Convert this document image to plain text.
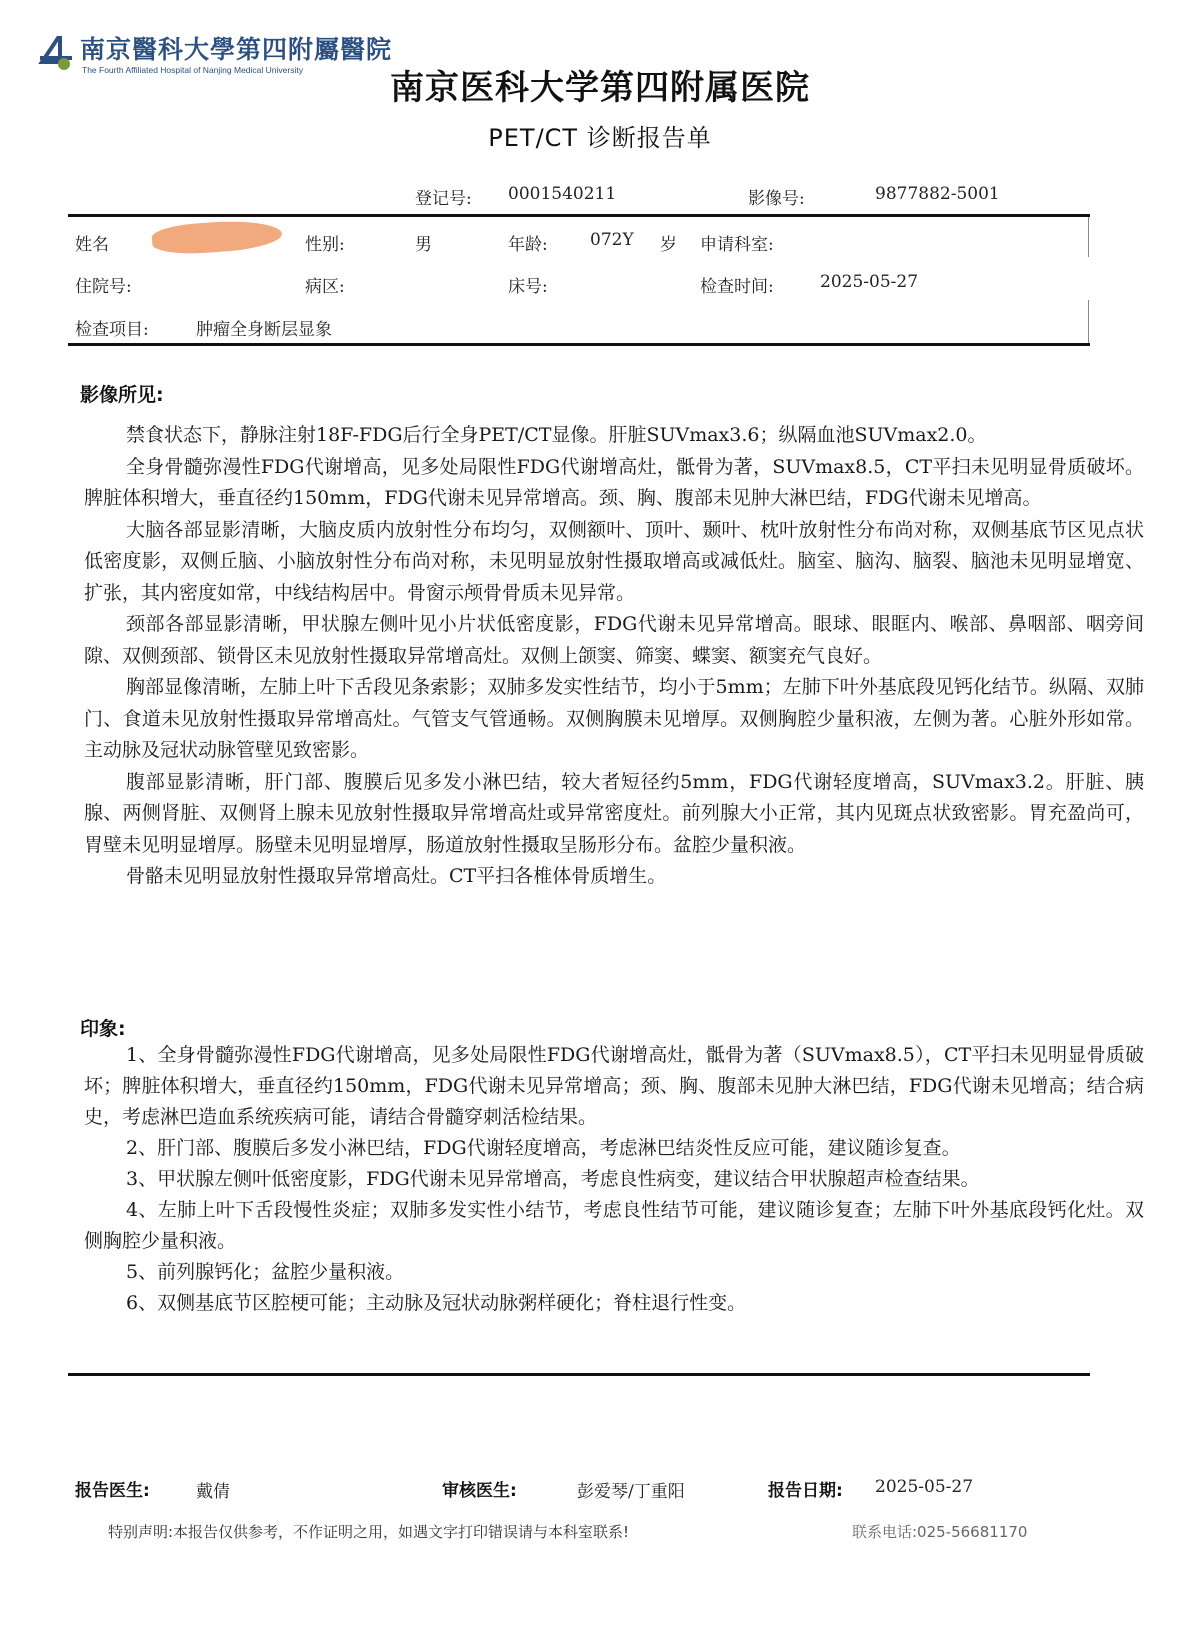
南京醫科大學第四附屬醫院
The Fourth Affiliated Hospital of Nanjing Medical University	南京医科大学第四附属医院
PET/CT 诊断报告单
登记号: 0001540211	影像号:	9877882-5001
姓名	性别:	男	年龄: 072Y 岁 申请科室:
住院号:	病区:	床号:	检查时间:	2025-05-27
检查项目:	肿瘤全身断层显象
影像所见:
禁食状态下，静脉注射18F-FDG后行全身PET/CT显像。肝脏SUVmax3.6；纵隔血池SUVmax2.0。
全身骨髓弥漫性FDG代谢增高，见多处局限性FDG代谢增高灶，骶骨为著，SUVmax8.5，CT平扫未见明显骨质破坏。脾脏体积增大，垂直径约150mm，FDG代谢未见异常增高。颈、胸、腹部未见肿大淋巴结，FDG代谢未见增高。
大脑各部显影清晰，大脑皮质内放射性分布均匀，双侧额叶、顶叶、颞叶、枕叶放射性分布尚对称，双侧基底节区见点状低密度影，双侧丘脑、小脑放射性分布尚对称，未见明显放射性摄取增高或减低灶。脑室、脑沟、脑裂、脑池未见明显增宽、扩张，其内密度如常，中线结构居中。骨窗示颅骨骨质未见异常。
颈部各部显影清晰，甲状腺左侧叶见小片状低密度影，FDG代谢未见异常增高。眼球、眼眶内、喉部、鼻咽部、咽旁间隙、双侧颈部、锁骨区未见放射性摄取异常增高灶。双侧上颌窦、筛窦、蝶窦、额窦充气良好。
胸部显像清晰，左肺上叶下舌段见条索影；双肺多发实性结节，均小于5mm；左肺下叶外基底段见钙化结节。纵隔、双肺门、食道未见放射性摄取异常增高灶。气管支气管通畅。双侧胸膜未见增厚。双侧胸腔少量积液，左侧为著。心脏外形如常。主动脉及冠状动脉管壁见致密影。
腹部显影清晰，肝门部、腹膜后见多发小淋巴结，较大者短径约5mm，FDG代谢轻度增高，SUVmax3.2。肝脏、胰腺、两侧肾脏、双侧肾上腺未见放射性摄取异常增高灶或异常密度灶。前列腺大小正常，其内见斑点状致密影。胃充盈尚可，胃壁未见明显增厚。肠壁未见明显增厚，肠道放射性摄取呈肠形分布。盆腔少量积液。
骨骼未见明显放射性摄取异常增高灶。CT平扫各椎体骨质增生。
印象:
1、全身骨髓弥漫性FDG代谢增高，见多处局限性FDG代谢增高灶，骶骨为著（SUVmax8.5），CT平扫未见明显骨质破坏；脾脏体积增大，垂直径约150mm，FDG代谢未见异常增高；颈、胸、腹部未见肿大淋巴结，FDG代谢未见增高；结合病史，考虑淋巴造血系统疾病可能，请结合骨髓穿刺活检结果。
2、肝门部、腹膜后多发小淋巴结，FDG代谢轻度增高，考虑淋巴结炎性反应可能，建议随诊复查。
3、甲状腺左侧叶低密度影，FDG代谢未见异常增高，考虑良性病变，建议结合甲状腺超声检查结果。
4、左肺上叶下舌段慢性炎症；双肺多发实性小结节，考虑良性结节可能，建议随诊复查；左肺下叶外基底段钙化灶。双侧胸腔少量积液。
5、前列腺钙化；盆腔少量积液。
6、双侧基底节区腔梗可能；主动脉及冠状动脉粥样硬化；脊柱退行性变。
报告医生:	戴倩	审核医生:	彭爱琴/丁重阳	报告日期: 2025-05-27
特别声明:本报告仅供参考，不作证明之用，如遇文字打印错误请与本科室联系!	联系电话:025-56681170
